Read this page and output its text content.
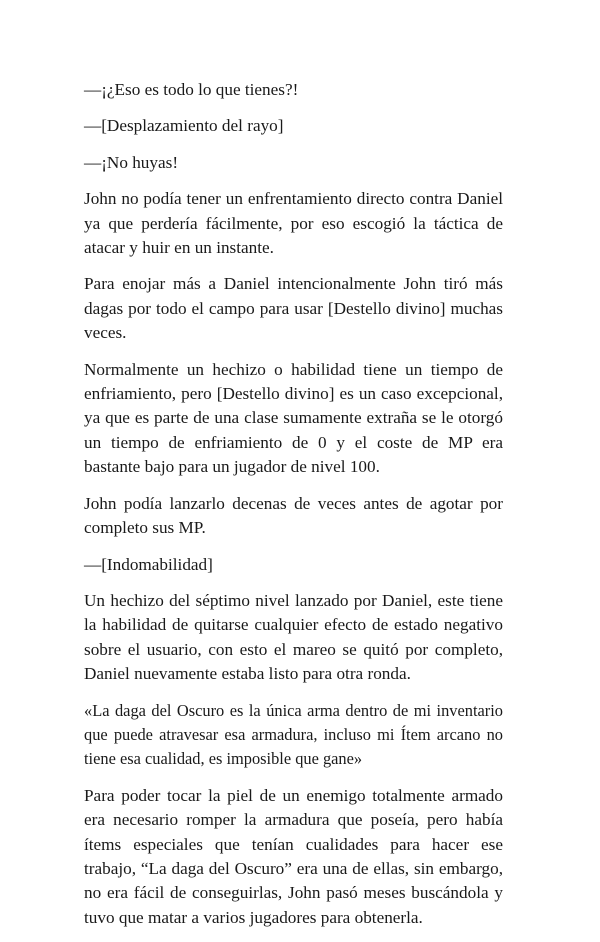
—¡¿Eso es todo lo que tienes?!

—[Desplazamiento del rayo]

—¡No huyas!

John no podía tener un enfrentamiento directo contra Daniel ya que perdería fácilmente, por eso escogió la táctica de atacar y huir en un instante.

Para enojar más a Daniel intencionalmente John tiró más dagas por todo el campo para usar [Destello divino] muchas veces.

Normalmente un hechizo o habilidad tiene un tiempo de enfriamiento, pero [Destello divino] es un caso excepcional, ya que es parte de una clase sumamente extraña se le otorgó un tiempo de enfriamiento de 0 y el coste de MP era bastante bajo para un jugador de nivel 100.

John podía lanzarlo decenas de veces antes de agotar por completo sus MP.

—[Indomabilidad]

Un hechizo del séptimo nivel lanzado por Daniel, este tiene la habilidad de quitarse cualquier efecto de estado negativo sobre el usuario, con esto el mareo se quitó por completo, Daniel nuevamente estaba listo para otra ronda.

«La daga del Oscuro es la única arma dentro de mi inventario que puede atravesar esa armadura, incluso mi Ítem arcano no tiene esa cualidad, es imposible que gane»

Para poder tocar la piel de un enemigo totalmente armado era necesario romper la armadura que poseía, pero había ítems especiales que tenían cualidades para hacer ese trabajo, “La daga del Oscuro” era una de ellas, sin embargo, no era fácil de conseguirlas, John pasó meses buscándola y tuvo que matar a varios jugadores para obtenerla.
